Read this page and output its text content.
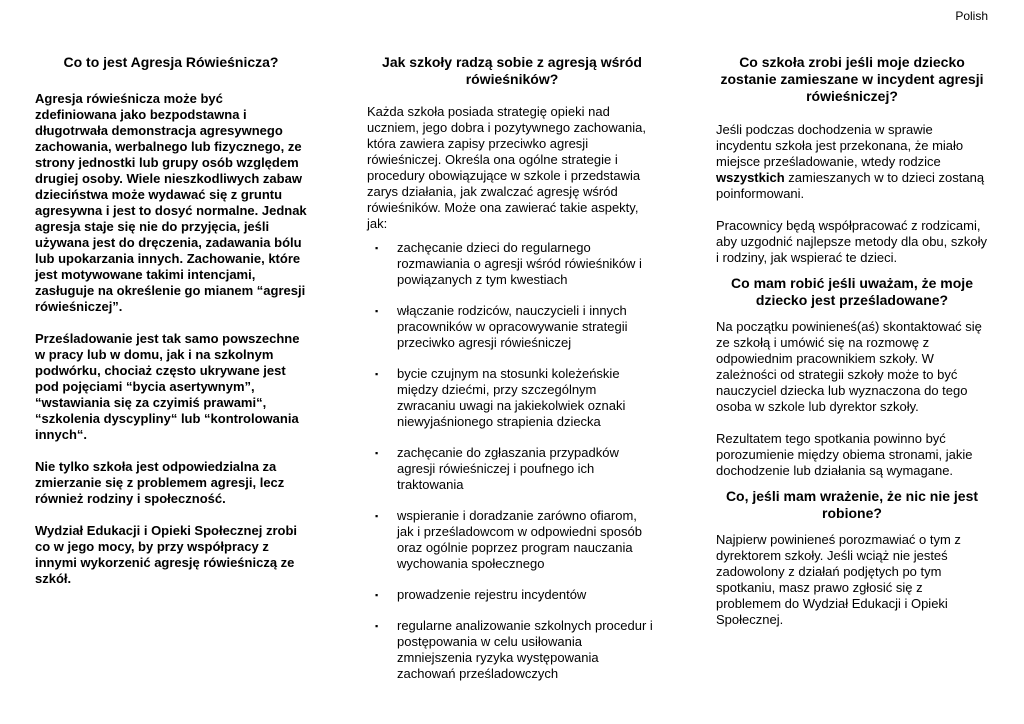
Polish
Co to jest Agresja Rówieśnicza?

Agresja rówieśnicza może być zdefiniowana jako bezpodstawna i długotrwała demonstracja agresywnego zachowania, werbalnego lub fizycznego, ze strony jednostki lub grupy osób względem drugiej osoby. Wiele nieszkodliwych zabaw dzieciństwa może wydawać się z gruntu agresywna i jest to dosyć normalne. Jednak agresja staje się nie do przyjęcia, jeśli używana jest do dręczenia, zadawania bólu lub upokarzania innych. Zachowanie, które jest motywowane takimi intencjami, zasługuje na określenie go mianem “agresji rówieśniczej”.

Prześladowanie jest tak samo powszechne w pracy lub w domu, jak i na szkolnym podwórku, chociaż często ukrywane jest pod pojęciami “bycia asertywnym”, “wstawiania się za czyimiś prawami“, “szkolenia dyscypliny“ lub “kontrolowania innych“.

Nie tylko szkoła jest odpowiedzialna za zmierzanie się z problemem agresji, lecz również rodziny i społeczność.

Wydział Edukacji i Opieki Społecznej zrobi co w jego mocy, by przy współpracy z innymi wykorzenić agresję rówieśniczą ze szkół.

Jak szkoły radzą sobie z agresją wśród rówieśników?

Każda szkoła posiada strategię opieki nad uczniem, jego dobra i pozytywnego zachowania, która zawiera zapisy przeciwko agresji rówieśniczej. Określa ona ogólne strategie i procedury obowiązujące w szkole i przedstawia zarys działania, jak zwalczać agresję wśród rówieśników. Może ona zawierać takie aspekty, jak:

▪ zachęcanie dzieci do regularnego rozmawiania o agresji wśród rówieśników i powiązanych z tym kwestiach
▪ włączanie rodziców, nauczycieli i innych pracowników w opracowywanie strategii przeciwko agresji rówieśniczej
▪ bycie czujnym na stosunki koleżeńskie między dziećmi, przy szczególnym zwracaniu uwagi na jakiekolwiek oznaki niewyjaśnionego strapienia dziecka
▪ zachęcanie do zgłaszania przypadków agresji rówieśniczej i poufnego ich traktowania
▪ wspieranie i doradzanie zarówno ofiarom, jak i prześladowcom w odpowiedni sposób oraz ogólnie poprzez program nauczania wychowania społecznego
▪ prowadzenie rejestru incydentów
▪ regularne analizowanie szkolnych procedur i postępowania w celu usiłowania zmniejszenia ryzyka występowania zachowań prześladowczych
Co szkoła zrobi jeśli moje dziecko zostanie zamieszane w incydent agresji rówieśniczej?

Jeśli podczas dochodzenia w sprawie incydentu szkoła jest przekonana, że miało miejsce prześladowanie, wtedy rodzice wszystkich zamieszanych w to dzieci zostaną poinformowani.

Pracownicy będą współpracować z rodzicami, aby uzgodnić najlepsze metody dla obu, szkoły i rodziny, jak wspierać te dzieci.

Co mam robić jeśli uważam, że moje dziecko jest prześladowane?

Na początku powinieneś(aś) skontaktować się ze szkołą i umówić się na rozmowę z odpowiednim pracownikiem szkoły. W zależności od strategii szkoły może to być nauczyciel dziecka lub wyznaczona do tego osoba w szkole lub dyrektor szkoły.

Rezultatem tego spotkania powinno być porozumienie między obiema stronami, jakie dochodzenie lub działania są wymagane.

Co, jeśli mam wrażenie, że nic nie jest robione?

Najpierw powinieneś porozmawiać o tym z dyrektorem szkoły. Jeśli wciąż nie jesteś zadowolony z działań podjętych po tym spotkaniu, masz prawo zgłosić się z problemem do Wydział Edukacji i Opieki Społecznej.
